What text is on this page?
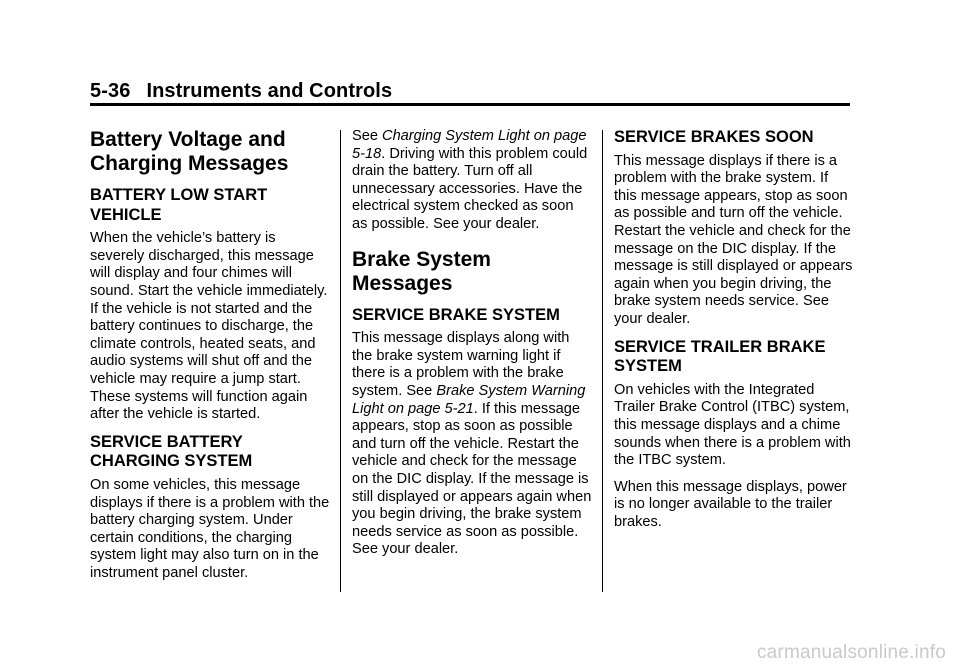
5-36 Instruments and Controls
Battery Voltage and
Charging Messages
BATTERY LOW START
VEHICLE

When the vehicle’s battery is severely discharged, this message will display and four chimes will sound. Start the vehicle immediately. If the vehicle is not started and the battery continues to discharge, the climate controls, heated seats, and audio systems will shut off and the vehicle may require a jump start. These systems will function again after the vehicle is started.

SERVICE BATTERY
CHARGING SYSTEM

On some vehicles, this message displays if there is a problem with the battery charging system. Under certain conditions, the charging system light may also turn on in the instrument panel cluster.

See Charging System Light on page 5-18. Driving with this problem could drain the battery. Turn off all unnecessary accessories. Have the electrical system checked as soon as possible. See your dealer.

Brake System Messages
SERVICE BRAKE SYSTEM

This message displays along with the brake system warning light if there is a problem with the brake system. See Brake System Warning Light on page 5-21. If this message appears, stop as soon as possible and turn off the vehicle. Restart the vehicle and check for the message on the DIC display. If the message is still displayed or appears again when you begin driving, the brake system needs service as soon as possible. See your dealer.

SERVICE BRAKES SOON

This message displays if there is a problem with the brake system. If this message appears, stop as soon as possible and turn off the vehicle. Restart the vehicle and check for the message on the DIC display. If the message is still displayed or appears again when you begin driving, the brake system needs service. See your dealer.

SERVICE TRAILER BRAKE
SYSTEM

On vehicles with the Integrated Trailer Brake Control (ITBC) system, this message displays and a chime sounds when there is a problem with the ITBC system.

When this message displays, power is no longer available to the trailer brakes.

carmanualsonline.info
